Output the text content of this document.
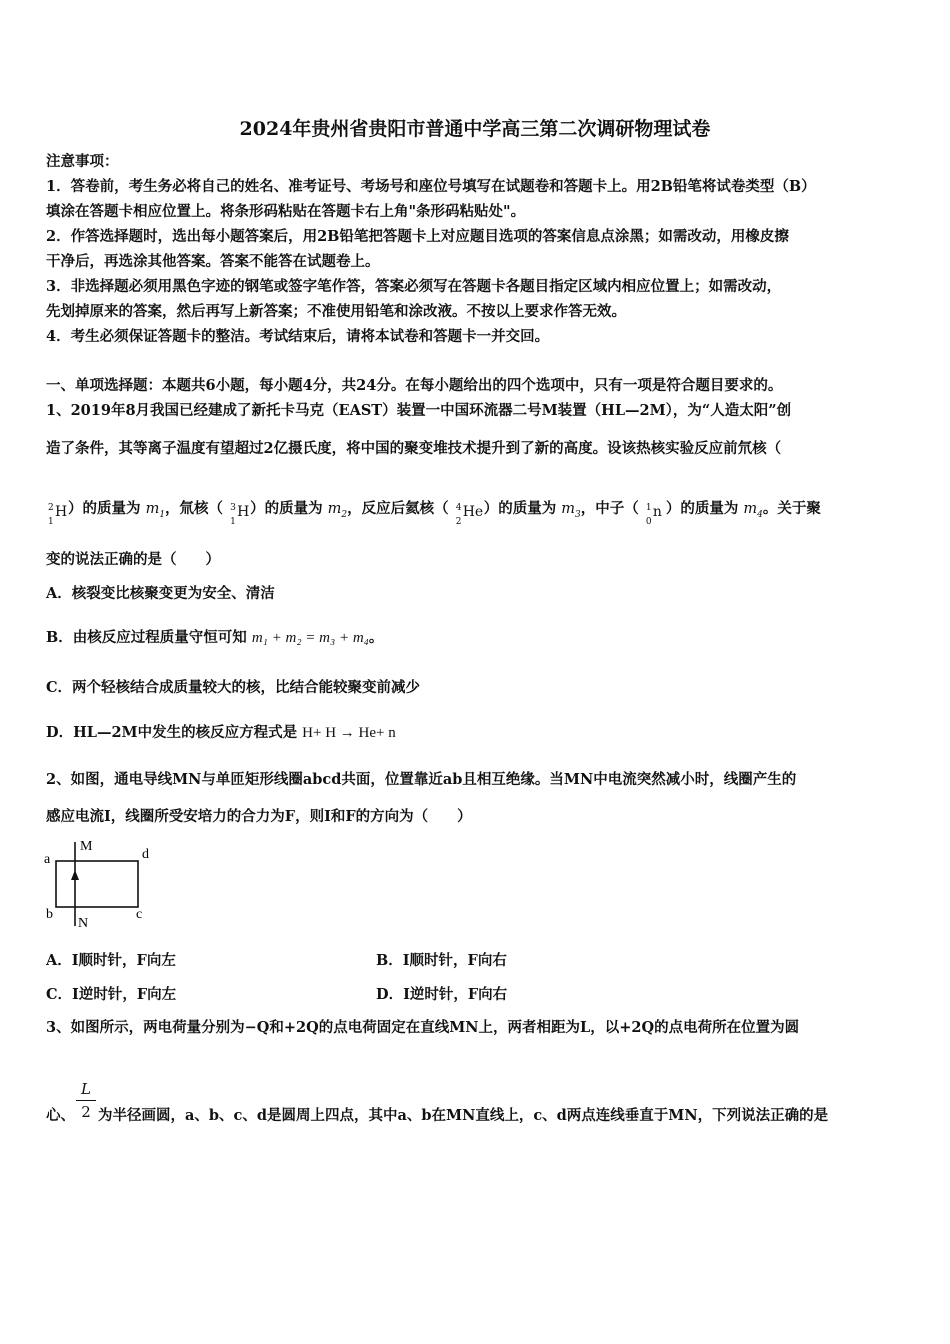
2024年贵州省贵阳市普通中学高三第二次调研物理试卷
注意事项：
1．答卷前，考生务必将自己的姓名、准考证号、考场号和座位号填写在试题卷和答题卡上。用2B铅笔将试卷类型（B）
填涂在答题卡相应位置上。将条形码粘贴在答题卡右上角"条形码粘贴处"。
2．作答选择题时，选出每小题答案后，用2B铅笔把答题卡上对应题目选项的答案信息点涂黑；如需改动，用橡皮擦
干净后，再选涂其他答案。答案不能答在试题卷上。
3．非选择题必须用黑色字迹的钢笔或签字笔作答，答案必须写在答题卡各题目指定区域内相应位置上；如需改动，
先划掉原来的答案，然后再写上新答案；不准使用铅笔和涂改液。不按以上要求作答无效。
4．考生必须保证答题卡的整洁。考试结束后，请将本试卷和答题卡一并交回。
一、单项选择题：本题共6小题，每小题4分，共24分。在每小题给出的四个选项中，只有一项是符合题目要求的。
1、2019年8月我国已经建成了新托卡马克（EAST）装置一中国环流器二号M装置（HL—2M），为“人造太阳”创
造了条件，其等离子温度有望超过2亿摄氏度，将中国的聚变堆技术提升到了新的高度。设该热核实验反应前氘核（
2
1
H ）的质量为 $m_1$，氚核（ 3
1
H ）的质量为 $m_2$，反应后氦核（ 4
2
He ）的质量为 $m_3$，中子（ 1
0
n ）的质量为 $m_4$。关于聚
变的说法正确的是（　　）
A．核裂变比核聚变更为安全、清洁
B．由核反应过程质量守恒可知 m₁ + m₂ = m₃ + m₄。
C．两个轻核结合成质量较大的核，比结合能较聚变前减少
D．HL—2M中发生的核反应方程式是 H+ H → He+ n
2、如图，通电导线MN与单匝矩形线圈abcd共面，位置靠近ab且相互绝缘。当MN中电流突然减小时，线圈产生的
感应电流I，线圈所受安培力的合力为F，则I和F的方向为（　　）
a	d
b	c
M
N
A．I顺时针，F向左	B．I顺时针，F向右
C．I逆时针，F向左	D．I逆时针，F向右
3、如图所示，两电荷量分别为−Q和+2Q的点电荷固定在直线MN上，两者相距为L，以+2Q的点电荷所在位置为圆
L
2
心、 为半径画圆，a、b、c、d是圆周上四点，其中a、b在MN直线上，c、d两点连线垂直于MN，下列说法正确的是
